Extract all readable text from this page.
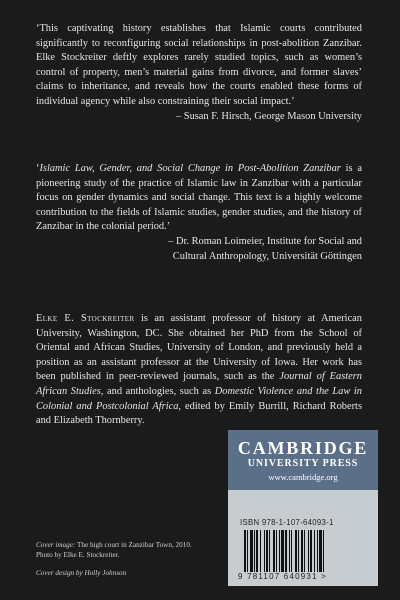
‘This captivating history establishes that Islamic courts contributed significantly to reconfiguring social relationships in post-abolition Zanzibar. Elke Stockreiter deftly explores rarely studied topics, such as women’s control of property, men’s material gains from divorce, and former slaves’ claims to inheritance, and reveals how the courts enabled these forms of individual agency while also constraining their social impact.’
– Susan F. Hirsch, George Mason University
‘Islamic Law, Gender, and Social Change in Post-Abolition Zanzibar is a pioneering study of the practice of Islamic law in Zanzibar with a particular focus on gender dynamics and social change. This text is a highly welcome contribution to the fields of Islamic studies, gender studies, and the history of Zanzibar in the colonial period.’
– Dr. Roman Loimeier, Institute for Social and
Cultural Anthropology, Universität Göttingen
Elke E. Stockreiter is an assistant professor of history at American University, Washington, DC. She obtained her PhD from the School of Oriental and African Studies, University of London, and previously held a position as an assistant professor at the University of Iowa. Her work has been published in peer-reviewed journals, such as the Journal of Eastern African Studies, and anthologies, such as Domestic Violence and the Law in Colonial and Postcolonial Africa, edited by Emily Burrill, Richard Roberts and Elizabeth Thornberry.
CAMBRIDGE
UNIVERSITY PRESS
www.cambridge.org
ISBN 978-1-107-64093-1
9 781107 640931 >
Cover image: The high court in Zanzibar Town, 2010. Photo by Elke E. Stockreiter.
Cover design by Holly Johnson
